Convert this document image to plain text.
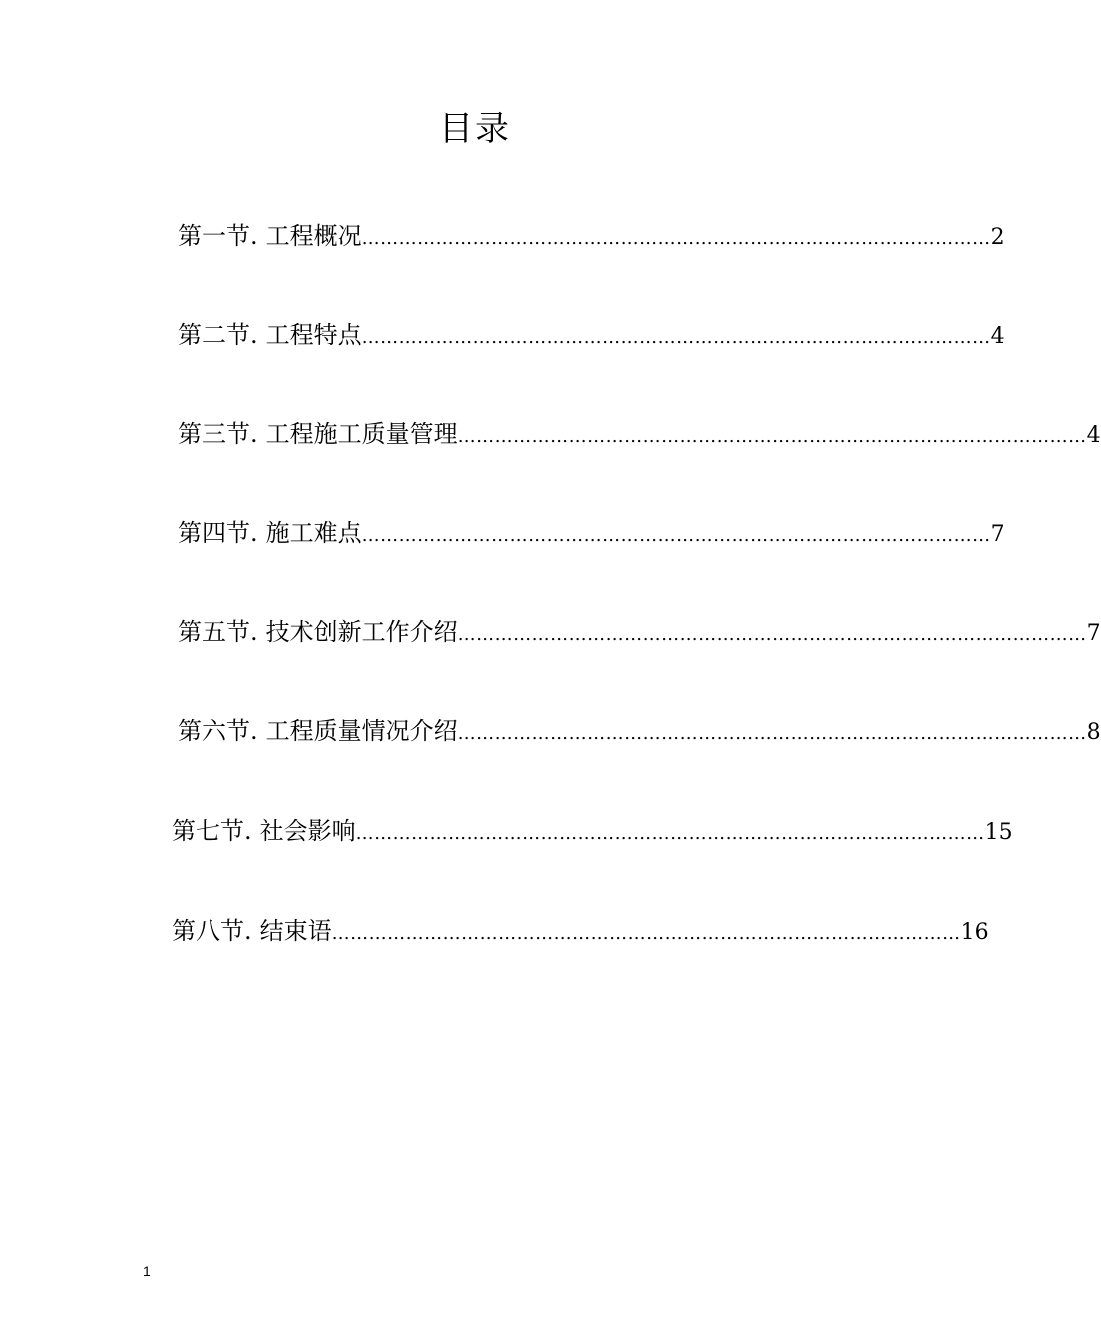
目录
第一节. 工程概况 ………………………………………………………………………………………… 2
第二节. 工程特点 ………………………………………………………………………………………… 4
第三节. 工程施工质量管理 ………………………………………………………………………………………… 4
第四节. 施工难点 ………………………………………………………………………………………… 7
第五节. 技术创新工作介绍 ………………………………………………………………………………………… 7
第六节. 工程质量情况介绍 ………………………………………………………………………………………… 8
第七节. 社会影响 ………………………………………………………………………………………… 15
第八节. 结束语 ………………………………………………………………………………………… 16
1
